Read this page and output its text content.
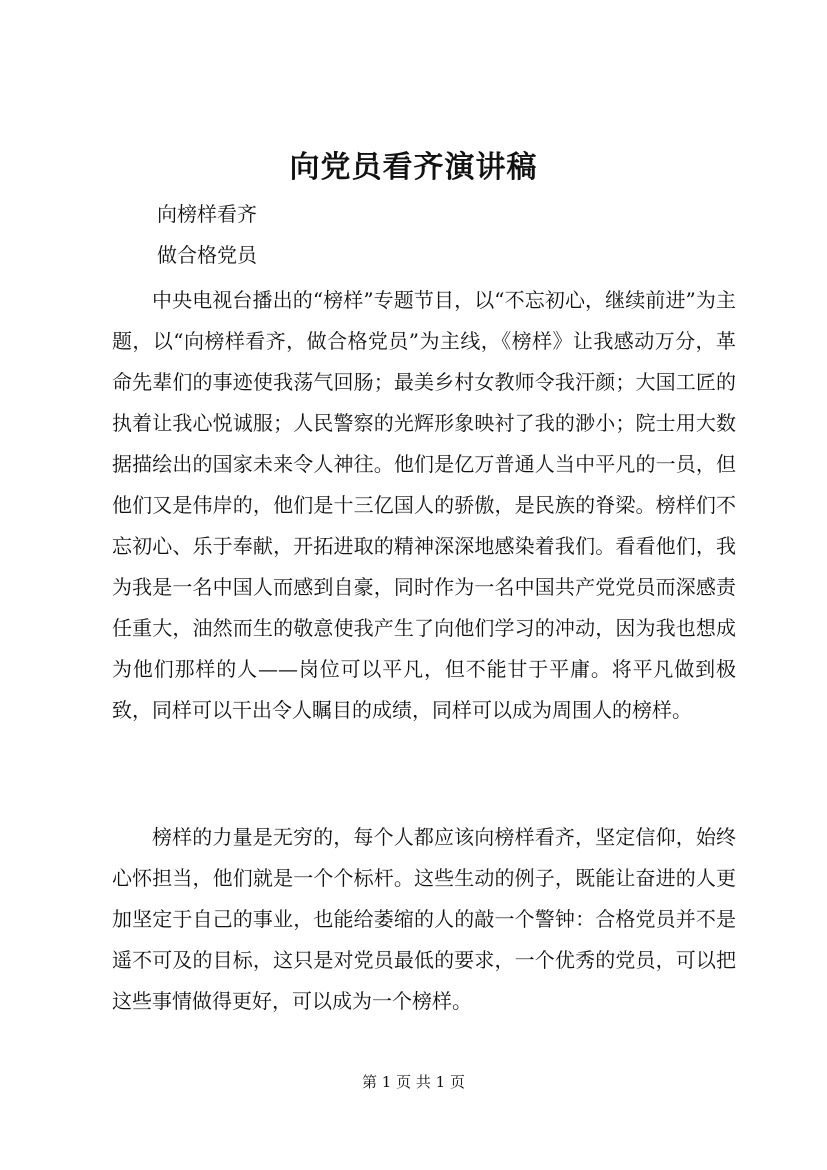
向党员看齐演讲稿
向榜样看齐
做合格党员
中央电视台播出的“榜样”专题节目，以“不忘初心，继续前进”为主题，以“向榜样看齐，做合格党员”为主线，《榜样》让我感动万分，革命先辈们的事迹使我荡气回肠；最美乡村女教师令我汗颜；大国工匠的执着让我心悦诚服；人民警察的光辉形象映衬了我的渺小；院士用大数据描绘出的国家未来令人神往。他们是亿万普通人当中平凡的一员，但他们又是伟岸的，他们是十三亿国人的骄傲，是民族的脊梁。榜样们不忘初心、乐于奉献，开拓进取的精神深深地感染着我们。看看他们，我为我是一名中国人而感到自豪，同时作为一名中国共产党党员而深感责任重大，油然而生的敬意使我产生了向他们学习的冲动，因为我也想成为他们那样的人——岗位可以平凡，但不能甘于平庸。将平凡做到极致，同样可以干出令人瞩目的成绩，同样可以成为周围人的榜样。
榜样的力量是无穷的，每个人都应该向榜样看齐，坚定信仰，始终心怀担当，他们就是一个个标杆。这些生动的例子，既能让奋进的人更加坚定于自己的事业，也能给萎缩的人的敲一个警钟：合格党员并不是遥不可及的目标，这只是对党员最低的要求，一个优秀的党员，可以把这些事情做得更好，可以成为一个榜样。
第 1 页 共 1 页
